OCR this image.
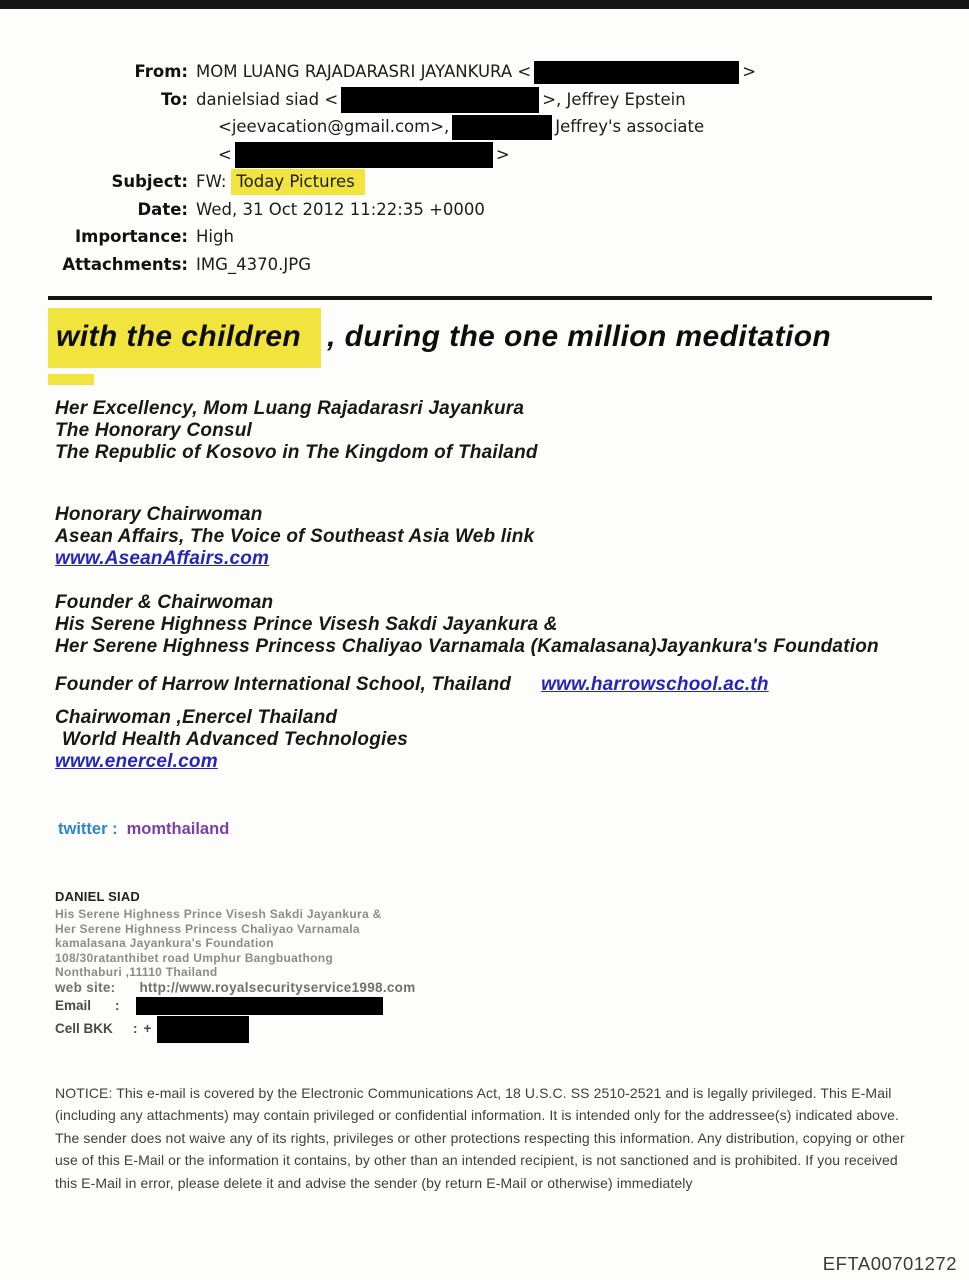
From: MOM LUANG RAJADARASRI JAYANKURA <	>
To: danielsiad siad <	>, Jeffrey Epstein
<jeevacation@gmail.com>,	Jeffrey's associate
<	>
Subject: FW: Today Pictures
Date: Wed, 31 Oct 2012 11:22:35 +0000
Importance: High
Attachments: IMG_4370.JPG
with the children , during the one million meditation
Her Excellency, Mom Luang Rajadarasri Jayankura
The Honorary Consul
The Republic of Kosovo in The Kingdom of Thailand
Honorary Chairwoman
Asean Affairs, The Voice of Southeast Asia Web link
www.AseanAffairs.com
Founder & Chairwoman
His Serene Highness Prince Visesh Sakdi Jayankura &
Her Serene Highness Princess Chaliyao Varnamala (Kamalasana)Jayankura's Foundation
Founder of Harrow International School, Thailand www.harrowschool.ac.th
Chairwoman ,Enercel Thailand
World Health Advanced Technologies
www.enercel.com
twitter : momthailand
DANIEL SIAD
His Serene Highness Prince Visesh Sakdi Jayankura &
Her Serene Highness Princess Chaliyao Varnamala
kamalasana Jayankura's Foundation
108/30ratanthibet road Umphur Bangbuathong
Nonthaburi ,11110 Thailand
web site: http://www.royalsecurityservice1998.com
Email :
Cell BKK : +
NOTICE: This e-mail is covered by the Electronic Communications Act, 18 U.S.C. SS 2510-2521 and is legally privileged. This E-Mail
(including any attachments) may contain privileged or confidential information. It is intended only for the addressee(s) indicated above.
The sender does not waive any of its rights, privileges or other protections respecting this information. Any distribution, copying or other
use of this E-Mail or the information it contains, by other than an intended recipient, is not sanctioned and is prohibited. If you received
this E-Mail in error, please delete it and advise the sender (by return E-Mail or otherwise) immediately
EFTA00701272
